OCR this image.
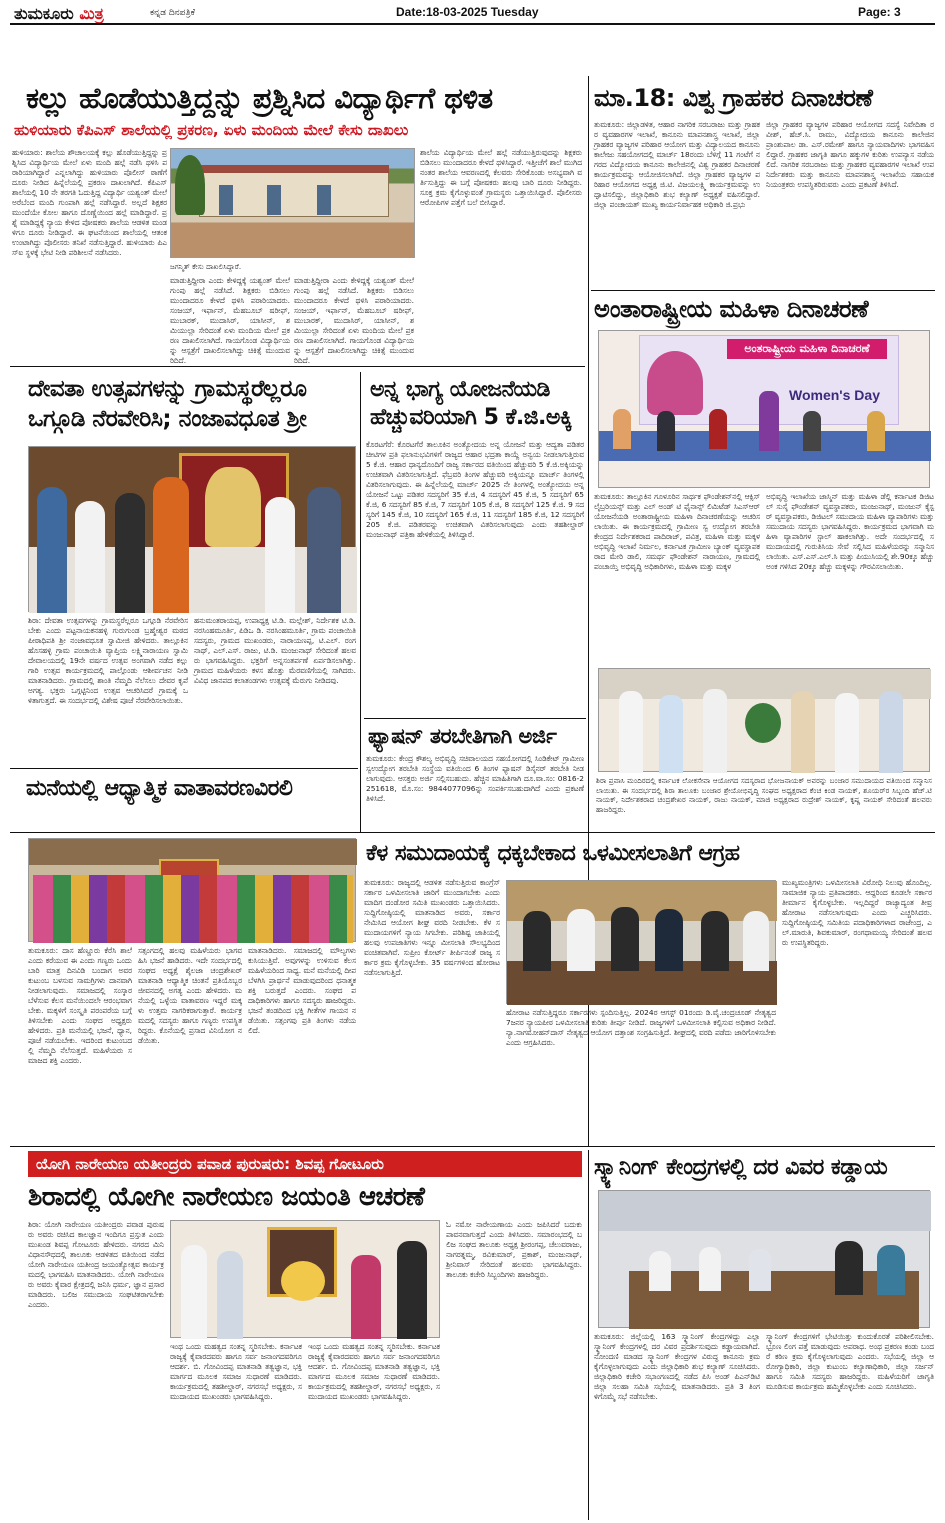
ತುಮಕೂರು ಮಿತ್ರ	ಕನ್ನಡ ದಿನಪತ್ರಿಕೆ	Date:18-03-2025 Tuesday	Page: 3
ಕಲ್ಲು ಹೊಡೆಯುತ್ತಿದ್ದನ್ನು ಪ್ರಶ್ನಿಸಿದ ವಿದ್ಯಾರ್ಥಿಗೆ ಥಳಿತ
ಹುಳಿಯಾರು ಕೆಪಿಎಸ್ ಶಾಲೆಯಲ್ಲಿ ಪ್ರಕರಣ, ಏಳು ಮಂದಿಯ ಮೇಲೆ ಕೇಸು ದಾಖಲು
ಹುಳಿಯಾರು: ಶಾಲೆಯ ಶೌಚಾಲಯಕ್ಕೆ ಕಲ್ಲು ಹೊಡೆಯುತ್ತಿದ್ದನ್ನು ಪ್ರಶ್ನಿಸಿದ ವಿದ್ಯಾರ್ಥಿಯ ಮೇಲೆ ಏಳು ಮಂದಿ ಹಲ್ಲೆ ನಡೆಸಿ ಥಳಿಸಿ ಪರಾರಿಯಾಗಿದ್ದಾರೆ ಎನ್ನಲಾಗಿದ್ದು ಹುಳಿಯಾರು ಪೊಲೀಸ್ ಠಾಣೆಗೆ ದೂರು ನೀಡಿದ ಹಿನ್ನೆಲೆಯಲ್ಲಿ ಪ್ರಕರಣ ದಾಖಲಾಗಿದೆ. ಕೆಪಿಎಸ್ ಶಾಲೆಯಲ್ಲಿ 10 ನೇ ತರಗತಿ ಓದುತ್ತಿದ್ದ ವಿದ್ಯಾರ್ಥಿ ಯಶ್ವಂತ್ ಮೇಲೆ ಅರೆಬೆಂದ ಮಂದಿ ಗುಂಪಾಗಿ ಹಲ್ಲೆ ನಡೆಸಿದ್ದಾರೆ. ಅಲ್ಲದೆ ಶಿಕ್ಷಕರ ಮುಂದೆಯೇ ಕೋಲ ಹಾಗೂ ದೊಣ್ಣೆಯಿಂದ ಹಲ್ಲೆ ಮಾಡಿದ್ದಾರೆ. ಪ್ರಶ್ನೆ ಮಾಡಿದ್ದಕ್ಕೆ ನ್ಯಾಯ ಕೇಳಿದ ಪೋಷಕರು ಶಾಲೆಯ ಆಡಳಿತ ಮಂಡಳಿಗೂ ದೂರು ನೀಡಿದ್ದಾರೆ. ಈ ಘಟನೆಯಿಂದ ಶಾಲೆಯಲ್ಲಿ ಆತಂಕ ಉಂಟಾಗಿದ್ದು ಪೊಲೀಸರು ತನಿಖೆ ನಡೆಸುತ್ತಿದ್ದಾರೆ. ಹುಳಿಯಾರು ಪಿಎಸ್ಐ ಸ್ಥಳಕ್ಕೆ ಭೇಟಿ ನೀಡಿ ಪರಿಶೀಲನೆ ನಡೆಸಿದರು.
ಜಗನ್ಮಿತ್ ಕೇಸು ದಾಖಲಿಸಿದ್ದಾರೆ.
ಮಾಡುತ್ತಿದ್ದೀರಾ ಎಂದು ಕೇಳಿದ್ದಕ್ಕೆ ಯಶ್ವಂತ್ ಮೇಲೆ ಗುಂಪು ಹಲ್ಲೆ ನಡೆಸಿದೆ. ಶಿಕ್ಷಕರು ಬಿಡಿಸಲು ಮುಂದಾದರೂ ಕೇಳದೆ ಥಳಿಸಿ ಪರಾರಿಯಾದರು. ಸಂಜಯ್, ಇರ್ಫಾನ್, ಮೆಹಬೂಬ್ ಷರೀಫ್, ಮುಬಾರಕ್, ಮುದಾಸಿರ್, ಯಾಸೀನ್, ಶಮಿಯುಲ್ಲಾ ಸೇರಿದಂತೆ ಏಳು ಮಂದಿಯ ಮೇಲೆ ಪ್ರಕರಣ ದಾಖಲಿಸಲಾಗಿದೆ. ಗಾಯಗೊಂಡ ವಿದ್ಯಾರ್ಥಿಯನ್ನು ಆಸ್ಪತ್ರೆಗೆ ದಾಖಲಿಸಲಾಗಿದ್ದು ಚಿಕಿತ್ಸೆ ಮುಂದುವರಿದಿದೆ.
ಮಾಡುತ್ತಿದ್ದೀರಾ ಎಂದು ಕೇಳಿದ್ದಕ್ಕೆ ಯಶ್ವಂತ್ ಮೇಲೆ ಗುಂಪು ಹಲ್ಲೆ ನಡೆಸಿದೆ. ಶಿಕ್ಷಕರು ಬಿಡಿಸಲು ಮುಂದಾದರೂ ಕೇಳದೆ ಥಳಿಸಿ ಪರಾರಿಯಾದರು. ಸಂಜಯ್, ಇರ್ಫಾನ್, ಮೆಹಬೂಬ್ ಷರೀಫ್, ಮುಬಾರಕ್, ಮುದಾಸಿರ್, ಯಾಸೀನ್, ಶಮಿಯುಲ್ಲಾ ಸೇರಿದಂತೆ ಏಳು ಮಂದಿಯ ಮೇಲೆ ಪ್ರಕರಣ ದಾಖಲಿಸಲಾಗಿದೆ. ಗಾಯಗೊಂಡ ವಿದ್ಯಾರ್ಥಿಯನ್ನು ಆಸ್ಪತ್ರೆಗೆ ದಾಖಲಿಸಲಾಗಿದ್ದು ಚಿಕಿತ್ಸೆ ಮುಂದುವರಿದಿದೆ.
ಶಾಲೆಯ ವಿದ್ಯಾರ್ಥಿಯ ಮೇಲೆ ಹಲ್ಲೆ ನಡೆಯುತ್ತಿರುವುದನ್ನು ಶಿಕ್ಷಕರು ಬಿಡಿಸಲು ಮುಂದಾದರೂ ಕೇಳದೆ ಥಳಿಸಿದ್ದಾರೆ. ಇತ್ತೀಚೆಗೆ ಶಾಲೆ ಮುಗಿದ ನಂತರ ಶಾಲೆಯ ಆವರಣದಲ್ಲಿ ಕೆಲವರು ಸೇರಿಕೊಂಡು ಅಸಭ್ಯವಾಗಿ ವರ್ತಿಸುತ್ತಿದ್ದು ಈ ಬಗ್ಗೆ ಪೋಷಕರು ಹಲವು ಬಾರಿ ದೂರು ನೀಡಿದ್ದರು. ಸೂಕ್ತ ಕ್ರಮ ಕೈಗೊಳ್ಳುವಂತೆ ಗ್ರಾಮಸ್ಥರು ಒತ್ತಾಯಿಸಿದ್ದಾರೆ. ಪೊಲೀಸರು ಆರೋಪಿಗಳ ಪತ್ತೆಗೆ ಬಲೆ ಬೀಸಿದ್ದಾರೆ.
ಮಾ.18: ವಿಶ್ವ ಗ್ರಾಹಕರ ದಿನಾಚರಣೆ
ತುಮಕೂರು: ಜಿಲ್ಲಾಡಳಿತ, ಆಹಾರ ನಾಗರಿಕ ಸರಬರಾಜು ಮತ್ತು ಗ್ರಾಹಕರ ವ್ಯವಹಾರಗಳ ಇಲಾಖೆ, ಕಾನೂನು ಮಾಪನಶಾಸ್ತ್ರ ಇಲಾಖೆ, ಜಿಲ್ಲಾ ಗ್ರಾಹಕರ ವ್ಯಾಜ್ಯಗಳ ಪರಿಹಾರ ಆಯೋಗ ಮತ್ತು ವಿದ್ಯಾಲಯದ ಕಾನೂನು ಕಾಲೇಜು ಸಹಯೋಗದಲ್ಲಿ ಮಾರ್ಚ್ 18ರಂದು ಬೆಳಿಗ್ಗೆ 11 ಗಂಟೆಗೆ ನಗರದ ವಿದ್ಯೋದಯ ಕಾನೂನು ಕಾಲೇಜಿನಲ್ಲಿ ವಿಶ್ವ ಗ್ರಾಹಕರ ದಿನಾಚರಣೆ ಕಾರ್ಯಕ್ರಮವನ್ನು ಆಯೋಜಿಸಲಾಗಿದೆ. ಜಿಲ್ಲಾ ಗ್ರಾಹಕರ ವ್ಯಾಜ್ಯಗಳ ಪರಿಹಾರ ಆಯೋಗದ ಅಧ್ಯಕ್ಷ ಜಿ.ಟಿ. ವಿಜಯಲಕ್ಷ್ಮಿ ಕಾರ್ಯಕ್ರಮವನ್ನು ಉದ್ಘಾಟಿಸಲಿದ್ದು, ಜಿಲ್ಲಾಧಿಕಾರಿ ಶುಭ ಕಲ್ಯಾಣ್ ಅಧ್ಯಕ್ಷತೆ ವಹಿಸಲಿದ್ದಾರೆ. ಜಿಲ್ಲಾ ಪಂಚಾಯತ್ ಮುಖ್ಯ ಕಾರ್ಯನಿರ್ವಾಹಕ ಅಧಿಕಾರಿ ಜಿ.ಪ್ರಭು
ಜಿಲ್ಲಾ ಗ್ರಾಹಕರ ವ್ಯಾಜ್ಯಗಳ ಪರಿಹಾರ ಆಯೋಗದ ಸದಸ್ಯೆ ನಿವೇದಿತಾ ರವೀಶ್, ಹೆಚ್.ಸಿ. ರಾಮು, ವಿದ್ಯೋದಯ ಕಾನೂನು ಕಾಲೇಜಿನ ಪ್ರಾಂಶುಪಾಲ ಡಾ. ಎಸ್.ರಮೇಶ್ ಹಾಗೂ ನ್ಯಾಯವಾದಿಗಳು ಭಾಗವಹಿಸಲಿದ್ದಾರೆ. ಗ್ರಾಹಕರ ಜಾಗೃತಿ ಹಾಗೂ ಹಕ್ಕುಗಳ ಕುರಿತು ಉಪನ್ಯಾಸ ನಡೆಯಲಿದೆ. ನಾಗರಿಕ ಸರಬರಾಜು ಮತ್ತು ಗ್ರಾಹಕರ ವ್ಯವಹಾರಗಳ ಇಲಾಖೆ ಉಪನಿರ್ದೇಶಕರು ಮತ್ತು ಕಾನೂನು ಮಾಪನಶಾಸ್ತ್ರ ಇಲಾಖೆಯ ಸಹಾಯಕ ನಿಯಂತ್ರಕರು ಉಪಸ್ಥಿತರಿರುವರು ಎಂದು ಪ್ರಕಟಣೆ ತಿಳಿಸಿದೆ.
ಅಂತಾರಾಷ್ಟ್ರೀಯ ಮಹಿಳಾ ದಿನಾಚರಣೆ
ಅಂತರಾಷ್ಟ್ರೀಯ ಮಹಿಳಾ ದಿನಾಚರಣೆ
Women's Day
ತುಮಕೂರು: ತಾಲ್ಲೂಕಿನ ಗೂಳೂರಿನ ಸಾರ್ಥಕ ಫೌಂಡೇಶನ್‌ನಲ್ಲಿ ಆಕ್ಸಿಸ್ ಲೈಬ್ರರಿಯನ್ಸ್ ಮತ್ತು ಎಲ್ ಅಂಡ್ ಟಿ ಫೈನಾನ್ಸ್ ಲಿಮಿಟೆಡ್ ಸಿಎಸ್‌ಆರ್ ಯೋಜನೆಯಡಿ ಅಂತಾರಾಷ್ಟ್ರೀಯ ಮಹಿಳಾ ದಿನಾಚರಣೆಯನ್ನು ಆಚರಿಸಲಾಯಿತು. ಈ ಕಾರ್ಯಕ್ರಮದಲ್ಲಿ ಗ್ರಾಮೀಣ ಸ್ವ ಉದ್ಯೋಗ ತರಬೇತಿ ಕೇಂದ್ರದ ನಿರ್ದೇಶಕರಾದ ಪಾದಿರಾಜ್, ಪವಿತ್ರ, ಮಹಿಳಾ ಮತ್ತು ಮಕ್ಕಳ ಅಭಿವೃದ್ಧಿ ಇಲಾಖೆ ನಿರ್ಮಲ, ಕರ್ನಾಟಕ ಗ್ರಾಮೀಣ ಬ್ಯಾಂಕ್ ವ್ಯವಸ್ಥಾಪಕರಾದ ಮೇರಿ ಡಾಲಿ, ಸಮರ್ಥ ಫೌಂಡೇಶನ್ ನಾರಾಯಣ, ಗ್ರಾಮದಲ್ಲಿ ಪಂಚಾಯ್ತಿ ಅಭಿವೃದ್ಧಿ ಅಧಿಕಾರಿಗಳು, ಮಹಿಳಾ ಮತ್ತು ಮಕ್ಕಳ
ಅಭಿವೃದ್ಧಿ ಇಲಾಖೆಯ ಜಾಸ್ಮಿನ್ ಮತ್ತು ಮಹಿಳಾ ಡೆಲ್ಲಿ ಕರ್ನಾಟಕ ಡಿಜಿಟಲ್ ಸುಸೈ ಫೌಂಡೇಶನ್ ವ್ಯವಸ್ಥಾಪಕರು, ಮಂಜುನಾಥ್, ಮಂಜುನ್ ಕೈಸ್ಟರ್ ವ್ಯವಸ್ಥಾಪಕರು, ಡಿಜಿಟಲ್ ಸಮುದಾಯ ಮಹಿಳಾ ವ್ಯಾಪಾರಿಗಳು ಮತ್ತು ಸಮುದಾಯ ಸದಸ್ಯರು ಭಾಗವಹಿಸಿದ್ದರು. ಕಾರ್ಯಕ್ರಮದ ಭಾಗವಾಗಿ ಮಹಿಳಾ ವ್ಯಾಪಾರಿಗಳ ಸ್ಟಾಲ್ ಹಾಕಲಾಗಿತ್ತು. ಅದೇ ಸಂದರ್ಭದಲ್ಲಿ ಸಮುದಾಯದಲ್ಲಿ ಗುರುತಿಸಿಯ ಸೇವೆ ಸಲ್ಲಿಸಿದ ಮಹಿಳೆಯರನ್ನು ಸನ್ಮಾನಿಸಲಾಯಿತು. ಎಸ್.ಎಸ್.ಎಲ್.ಸಿ ಮತ್ತು ಪಿಯುಸಿಯಲ್ಲಿ ಶೇ.90ಕ್ಕೂ ಹೆಚ್ಚು ಅಂಕ ಗಳಿಸಿದ 20ಕ್ಕೂ ಹೆಚ್ಚು ಮಕ್ಕಳನ್ನು ಗೌರವಿಸಲಾಯಿತು.
ಶಿರಾ ಪ್ರವಾಸಿ ಮಂದಿರದಲ್ಲಿ ಕರ್ನಾಟಕ ಲೋಕಸೇವಾ ಆಯೋಗದ ಸದಸ್ಯರಾದ ಭೋಜನಾಯಕ್ ಅವರನ್ನು ಬಂಜಾರ ಸಮುದಾಯದ ವತಿಯಿಂದ ಸನ್ಮಾನಿಸಲಾಯಿತು. ಈ ಸಂದರ್ಭದಲ್ಲಿ ಶಿರಾ ತಾಲೂಕು ಬಂಜಾರ ಶ್ರೇಯೋಭಿವೃದ್ಧಿ ಸಂಘದ ಅಧ್ಯಕ್ಷರಾದ ಕೆಂಚ ಕಿಂಡ ನಾಯಕ್, ಶೂಯರ್‌ರ ಸಿಬ್ಬಂದಿ ಹೆಚ್.ಟಿ ನಾಯಕ್, ನಿರ್ದೇಶಕರಾದ ಚಂದ್ರಶೇಖರ ನಾಯಕ್, ರಾಜು ನಾಯಕ್, ಮಾಜಿ ಅಧ್ಯಕ್ಷರಾದ ರುದ್ರೇಶ್ ನಾಯಕ್, ಕೃಷ್ಣ ನಾಯಕ್ ಸೇರಿದಂತೆ ಹಲವರು ಹಾಜರಿದ್ದರು.
ದೇವತಾ ಉತ್ಸವಗಳನ್ನು ಗ್ರಾಮಸ್ಥರೆಲ್ಲರೂ
ಒಗ್ಗೂಡಿ ನೆರವೇರಿಸಿ; ನಂಜಾವಧೂತ ಶ್ರೀ
ಶಿರಾ: ದೇವತಾ ಉತ್ಸವಗಳನ್ನು ಗ್ರಾಮಸ್ಥರೆಲ್ಲರೂ ಒಗ್ಗೂಡಿ ನೆರವೇರಿಸಬೇಕು ಎಂದು ಪಟ್ಟನಾಯಕನಹಳ್ಳಿ ಗುರುಗುಂಡ ಬ್ರಹ್ಮೇಶ್ವರ ಮಠದ ಪೀಠಾಧಿಪತಿ ಶ್ರೀ ನಂಜಾವಧೂತ ಸ್ವಾಮೀಜಿ ಹೇಳಿದರು. ತಾಲ್ಲೂಕಿನ ಹೊಸಹಳ್ಳಿ ಗ್ರಾಮ ಪಂಚಾಯಿತಿ ವ್ಯಾಪ್ತಿಯ ಲಕ್ಷ್ಮಿನಾರಾಯಣ ಸ್ವಾಮಿ ದೇವಾಲಯದಲ್ಲಿ 19ನೇ ವರ್ಷದ ಉತ್ಸವ ಅಂಗವಾಗಿ ನಡೆದ ಕಲ್ಲು ಗಾರಿ ಉತ್ಸವ ಕಾರ್ಯಕ್ರಮದಲ್ಲಿ ಪಾಲ್ಗೊಂಡು ಆಶೀರ್ವಚನ ನೀಡಿ ಮಾತನಾಡಿದರು. ಗ್ರಾಮದಲ್ಲಿ ಶಾಂತಿ ನೆಮ್ಮದಿ ನೆಲೆಸಲು ದೇವರ ಕೃಪೆ ಅಗತ್ಯ. ಭಕ್ತರು ಒಗ್ಗಟ್ಟಿನಿಂದ ಉತ್ಸವ ಆಚರಿಸಿದರೆ ಗ್ರಾಮಕ್ಕೆ ಒಳಿತಾಗುತ್ತದೆ. ಈ ಸಂದರ್ಭದಲ್ಲಿ ವಿಶೇಷ ಪೂಜೆ ನೆರವೇರಿಸಲಾಯಿತು.
ಹನುಮಂತರಾಯಪ್ಪ, ಉಪಾಧ್ಯಕ್ಷ ಟಿ.ಡಿ. ಮಲ್ಲೇಶ್, ನಿರ್ದೇಶಕ ಟಿ.ಡಿ. ನರಸಿಂಹಮೂರ್ತಿ, ಪಿಡಿಒ ಡಿ. ನರಸಿಂಹಮೂರ್ತಿ, ಗ್ರಾಮ ಪಂಚಾಯಿತಿ ಸದಸ್ಯರು, ಗ್ರಾಮದ ಮುಖಂಡರು, ನಾರಾಯಣಪ್ಪ, ಟಿ.ಎಲ್. ರಂಗನಾಥ್, ಎಲ್.ಎಸ್. ರಾಜು, ಟಿ.ಡಿ. ಮಂಜುನಾಥ್ ಸೇರಿದಂತೆ ಹಲವರು ಭಾಗವಹಿಸಿದ್ದರು. ಭಕ್ತರಿಗೆ ಅನ್ನಸಂತರ್ಪಣೆ ಏರ್ಪಡಿಸಲಾಗಿತ್ತು. ಗ್ರಾಮದ ಮಹಿಳೆಯರು ಕಳಸ ಹೊತ್ತು ಮೆರವಣಿಗೆಯಲ್ಲಿ ಸಾಗಿದರು. ವಿವಿಧ ಜಾನಪದ ಕಲಾತಂಡಗಳು ಉತ್ಸವಕ್ಕೆ ಮೆರುಗು ನೀಡಿದವು.
ಅನ್ನ ಭಾಗ್ಯ ಯೋಜನೆಯಡಿ
ಹೆಚ್ಚುವರಿಯಾಗಿ 5 ಕೆ.ಜಿ.ಅಕ್ಕಿ
ಕೊರಟಗೆರೆ: ಕೊರಟಗೆರೆ ತಾಲೂಕಿನ ಅಂತ್ಯೋದಯ ಅನ್ನ ಯೋಜನೆ ಮತ್ತು ಆದ್ಯತಾ ಪಡಿತರ ಚೀಟಿಗಳ ಪ್ರತಿ ಫಲಾನುಭವಿಗಳಿಗೆ ರಾಜ್ಯದ ಆಹಾರ ಭದ್ರತಾ ಕಾಯ್ದೆ ಅನ್ವಯ ನೀಡಲಾಗುತ್ತಿರುವ 5 ಕೆ.ಜಿ. ಆಹಾರ ಧಾನ್ಯದೊಂದಿಗೆ ರಾಜ್ಯ ಸರ್ಕಾರದ ವತಿಯಿಂದ ಹೆಚ್ಚುವರಿ 5 ಕೆ.ಜಿ.ಅಕ್ಕಿಯನ್ನು ಉಚಿತವಾಗಿ ವಿತರಿಸಲಾಗುತ್ತಿದೆ. ಫೆಬ್ರವರಿ ತಿಂಗಳ ಹೆಚ್ಚುವರಿ ಅಕ್ಕಿಯನ್ನೂ ಮಾರ್ಚ್ ತಿಂಗಳಲ್ಲಿ ವಿತರಿಸಲಾಗುವುದು. ಈ ಹಿನ್ನೆಲೆಯಲ್ಲಿ ಮಾರ್ಚ್ 2025 ನೇ ತಿಂಗಳಲ್ಲಿ ಅಂತ್ಯೋದಯ ಅನ್ನ ಯೋಜನೆ ಒಟ್ಟು ಪಡಿತರ ಸದಸ್ಯರಿಗೆ 35 ಕೆ.ಜಿ, 4 ಸದಸ್ಯರಿಗೆ 45 ಕೆ.ಜಿ, 5 ಸದಸ್ಯರಿಗೆ 65 ಕೆ.ಜಿ, 6 ಸದಸ್ಯರಿಗೆ 85 ಕೆ.ಜಿ, 7 ಸದಸ್ಯರಿಗೆ 105 ಕೆ.ಜಿ, 8 ಸದಸ್ಯರಿಗೆ 125 ಕೆ.ಜಿ. 9 ಸದಸ್ಯರಿಗೆ 145 ಕೆ.ಜಿ, 10 ಸದಸ್ಯರಿಗೆ 165 ಕೆ.ಜಿ, 11 ಸದಸ್ಯರಿಗೆ 185 ಕೆ.ಜಿ, 12 ಸದಸ್ಯರಿಗೆ 205 ಕೆ.ಜಿ. ಪಡಿತರವನ್ನು ಉಚಿತವಾಗಿ ವಿತರಿಸಲಾಗುವುದು ಎಂದು ತಹಶೀಲ್ದಾರ್ ಮಂಜುನಾಥ್ ಪತ್ರಿಕಾ ಹೇಳಿಕೆಯಲ್ಲಿ ತಿಳಿಸಿದ್ದಾರೆ.
ಫ್ಯಾಷನ್ ತರಬೇತಿಗಾಗಿ ಅರ್ಜಿ
ತುಮಕೂರು: ಕೇಂದ್ರ ಕೌಶಲ್ಯ ಅಭಿವೃದ್ಧಿ ಸಚಿವಾಲಯದ ಸಹಯೋಗದಲ್ಲಿ ಸಿಂಡಿಕೇಟ್ ಗ್ರಾಮೀಣ ಸ್ವಉದ್ಯೋಗ ತರಬೇತಿ ಸಂಸ್ಥೆಯ ವತಿಯಿಂದ 6 ತಿಂಗಳ ಫ್ಯಾಷನ್ ಡಿಸೈನರ್ ತರಬೇತಿ ನೀಡಲಾಗುವುದು. ಆಸಕ್ತರು ಅರ್ಜಿ ಸಲ್ಲಿಸಬಹುದು. ಹೆಚ್ಚಿನ ಮಾಹಿತಿಗಾಗಿ ದೂ.ವಾ.ಸಂ: 0816-2251618, ಮೊ.ಸಂ: 9844077096ನ್ನು ಸಂಪರ್ಕಿಸಬಹುದಾಗಿದೆ ಎಂದು ಪ್ರಕಟಣೆ ತಿಳಿಸಿದೆ.
ಮನೆಯಲ್ಲಿ ಆಧ್ಯಾತ್ಮಿಕ ವಾತಾವರಣವಿರಲಿ
ತುಮಕೂರು: ದಾಸ ಹೆಣ್ಣೂರು ಕೆರೆಸಿ ಶಾಲೆ ಎಂದು ಕರೆಯುವ ಈ ಎಂದು ಗಣ್ಯರು ಒಂದು ಬಾರಿ ಮಾತ್ರ ದಿನವಿಡಿ ಬಂದಾಗ ಅವರ ಕುಟುಂಬ ಬಳಸುವ ಸಾಮಗ್ರಿಗಳು ದಾನವಾಗಿ ನೀಡಲಾಗುವುದು. ಸಮಾಜದಲ್ಲಿ ಸಂಸ್ಕಾರ ಬೆಳೆಸುವ ಕೆಲಸ ಮನೆಯಿಂದಲೇ ಆರಂಭವಾಗಬೇಕು. ಮಕ್ಕಳಿಗೆ ಸಂಸ್ಕೃತಿ ಪರಂಪರೆಯ ಬಗ್ಗೆ ತಿಳಿಸಬೇಕು ಎಂದು ಸಂಘದ ಅಧ್ಯಕ್ಷರು ಹೇಳಿದರು. ಪ್ರತಿ ಮನೆಯಲ್ಲಿ ಭಜನೆ, ಧ್ಯಾನ, ಪೂಜೆ ನಡೆಯಬೇಕು. ಇದರಿಂದ ಕುಟುಂಬದಲ್ಲಿ ನೆಮ್ಮದಿ ನೆಲೆಸುತ್ತದೆ. ಮಹಿಳೆಯರು ಸಮಾಜದ ಶಕ್ತಿ ಎಂದರು.
ಸತ್ಸಂಗದಲ್ಲಿ ಹಲವು ಮಹಿಳೆಯರು ಭಾಗವಹಿಸಿ ಭಜನೆ ಹಾಡಿದರು. ಇದೇ ಸಂದರ್ಭದಲ್ಲಿ ಸಂಘದ ಅಧ್ಯಕ್ಷೆ ಶೈಲಜಾ ಚಂದ್ರಶೇಖರ್ ಮಾತನಾಡಿ ಆಧ್ಯಾತ್ಮಿಕ ಚಿಂತನೆ ಪ್ರತಿಯೊಬ್ಬರ ಜೀವನದಲ್ಲಿ ಅಗತ್ಯ ಎಂದು ಹೇಳಿದರು. ಮನೆಯಲ್ಲಿ ಒಳ್ಳೆಯ ವಾತಾವರಣ ಇದ್ದರೆ ಮಕ್ಕಳು ಉತ್ತಮ ನಾಗರಿಕರಾಗುತ್ತಾರೆ. ಕಾರ್ಯಕ್ರಮದಲ್ಲಿ ಸದಸ್ಯರು ಹಾಗೂ ಗಣ್ಯರು ಉಪಸ್ಥಿತರಿದ್ದರು. ಕೊನೆಯಲ್ಲಿ ಪ್ರಸಾದ ವಿನಿಯೋಗ ನಡೆಯಿತು.
ಮಾತನಾಡಿದರು. ಸಮಾಜದಲ್ಲಿ ಮೌಲ್ಯಗಳು ಕುಸಿಯುತ್ತಿವೆ. ಅವುಗಳನ್ನು ಉಳಿಸುವ ಕೆಲಸ ಮಹಿಳೆಯರಿಂದ ಸಾಧ್ಯ. ಮನೆ ಮನೆಯಲ್ಲಿ ದೀಪ ಬೆಳಗಿಸಿ ಪ್ರಾರ್ಥನೆ ಮಾಡುವುದರಿಂದ ಧನಾತ್ಮಕ ಶಕ್ತಿ ಬರುತ್ತದೆ ಎಂದರು. ಸಂಘದ ಪದಾಧಿಕಾರಿಗಳು ಹಾಗೂ ಸದಸ್ಯರು ಹಾಜರಿದ್ದರು. ಭಜನೆ ತಂಡದಿಂದ ಭಕ್ತಿ ಗೀತೆಗಳ ಗಾಯನ ನಡೆಯಿತು. ಸತ್ಸಂಗವು ಪ್ರತಿ ತಿಂಗಳು ನಡೆಯಲಿದೆ.
ಕೆಳ ಸಮುದಾಯಕ್ಕೆ ಧಕ್ಕಬೇಕಾದ ಒಳಮೀಸಲಾತಿಗೆ ಆಗ್ರಹ
ತುಮಕೂರು: ರಾಜ್ಯದಲ್ಲಿ ಆಡಳಿತ ನಡೆಸುತ್ತಿರುವ ಕಾಂಗ್ರೆಸ್ ಸರ್ಕಾರ ಒಳಮೀಸಲಾತಿ ಜಾರಿಗೆ ಮುಂದಾಗಬೇಕು ಎಂದು ಮಾದಿಗ ದಂಡೋರ ಸಮಿತಿ ಮುಖಂಡರು ಒತ್ತಾಯಿಸಿದರು. ಸುದ್ದಿಗೋಷ್ಠಿಯಲ್ಲಿ ಮಾತನಾಡಿದ ಅವರು, ಸರ್ಕಾರ ನೇಮಿಸಿದ ಆಯೋಗ ಶೀಘ್ರ ವರದಿ ನೀಡಬೇಕು. ಕೆಳ ಸಮುದಾಯಗಳಿಗೆ ನ್ಯಾಯ ಸಿಗಬೇಕು. ಪರಿಶಿಷ್ಟ ಜಾತಿಯಲ್ಲಿ ಹಲವು ಉಪಜಾತಿಗಳು ಇನ್ನೂ ಮೀಸಲಾತಿ ಸೌಲಭ್ಯದಿಂದ ವಂಚಿತವಾಗಿವೆ. ಸುಪ್ರೀಂ ಕೋರ್ಟ್ ತೀರ್ಪಿನಂತೆ ರಾಜ್ಯ ಸರ್ಕಾರ ಕ್ರಮ ಕೈಗೊಳ್ಳಬೇಕು. 35 ವರ್ಷಗಳಿಂದ ಹೋರಾಟ ನಡೆಸಲಾಗುತ್ತಿದೆ.
ಹೋರಾಟ ನಡೆಸುತ್ತಿದ್ದರೂ ಸರ್ಕಾರಗಳು ಸ್ಪಂದಿಸುತ್ತಿಲ್ಲ. 2024ರ ಆಗಸ್ಟ್ 01ರಂದು ಡಿ.ವೈ.ಚಂದ್ರಚೂಡ್ ನೇತೃತ್ವದ 7ಜನರ ನ್ಯಾಯಪೀಠ ಒಳಮೀಸಲಾತಿ ಕುರಿತು ತೀರ್ಪು ನೀಡಿದೆ. ರಾಜ್ಯಗಳಿಗೆ ಒಳಮೀಸಲಾತಿ ಕಲ್ಪಿಸುವ ಅಧಿಕಾರ ನೀಡಿದೆ. ನ್ಯಾ.ನಾಗಮೋಹನ್‌ದಾಸ್ ನೇತೃತ್ವದ ಆಯೋಗ ದತ್ತಾಂಶ ಸಂಗ್ರಹಿಸುತ್ತಿದೆ. ಶೀಘ್ರದಲ್ಲಿ ವರದಿ ಪಡೆದು ಜಾರಿಗೊಳಿಸಬೇಕು ಎಂದು ಆಗ್ರಹಿಸಿದರು.
ಮುಖ್ಯಮಂತ್ರಿಗಳು ಒಳಮೀಸಲಾತಿ ವಿರೋಧಿ ನಿಲುವು ಹೊಂದಿಲ್ಲ. ಸಾಮಾಜಿಕ ನ್ಯಾಯ ಪ್ರತಿಪಾದಕರು. ಆದ್ದರಿಂದ ಕೂಡಲೇ ಸರ್ಕಾರ ತೀರ್ಮಾನ ಕೈಗೊಳ್ಳಬೇಕು. ಇಲ್ಲದಿದ್ದರೆ ರಾಜ್ಯಾದ್ಯಂತ ತೀವ್ರ ಹೋರಾಟ ನಡೆಸಲಾಗುವುದು ಎಂದು ಎಚ್ಚರಿಸಿದರು. ಸುದ್ದಿಗೋಷ್ಠಿಯಲ್ಲಿ ಸಮಿತಿಯ ಪದಾಧಿಕಾರಿಗಳಾದ ರಾಜೇಂದ್ರ, ಎಲ್.ಮಾರುತಿ, ಶಿವಕುಮಾರ್, ರಂಗಧಾಮಯ್ಯ ಸೇರಿದಂತೆ ಹಲವರು ಉಪಸ್ಥಿತರಿದ್ದರು.
ಯೋಗಿ ನಾರೇಯಣ ಯತೀಂದ್ರರು ಪವಾಡ ಪುರುಷರು: ಶಿವಪ್ಪ ಗೋಟೂರು
ಶಿರಾದಲ್ಲಿ ಯೋಗೀ ನಾರೇಯಣ ಜಯಂತಿ ಆಚರಣೆ
ಶಿರಾ: ಯೋಗಿ ನಾರೇಯಣ ಯತೀಂದ್ರರು ಪವಾಡ ಪುರುಷರು ಅವರು ರಚಿಸಿದ ಕಾಲಜ್ಞಾನ ಇಂದಿಗೂ ಪ್ರಸ್ತುತ ಎಂದು ಮುಖಂಡ ಶಿವಪ್ಪ ಗೋಟೂರು ಹೇಳಿದರು. ನಗರದ ಮಿನಿ ವಿಧಾನಸೌಧದಲ್ಲಿ ತಾಲೂಕು ಆಡಳಿತದ ವತಿಯಿಂದ ನಡೆದ ಯೋಗಿ ನಾರೇಯಣ ಯತೀಂದ್ರ ಜಯಂತ್ಯೋತ್ಸವ ಕಾರ್ಯಕ್ರಮದಲ್ಲಿ ಭಾಗವಹಿಸಿ ಮಾತನಾಡಿದರು. ಯೋಗಿ ನಾರೇಯಣರು ಅವರು ಕೈವಾರ ಕ್ಷೇತ್ರದಲ್ಲಿ ಜನಿಸಿ ಧರ್ಮ, ಜ್ಞಾನ ಪ್ರಸಾರ ಮಾಡಿದರು. ಬಲಿಜ ಸಮುದಾಯ ಸಂಘಟಿತರಾಗಬೇಕು ಎಂದರು.
ಇಂಥ ಒಂದು ಮಹತ್ವದ ಸಂತನ್ನ ಸ್ಮರಿಸಬೇಕು. ಕರ್ನಾಟಕ ರಾಜ್ಯಕ್ಕೆ ಕೈವಾರದವರು ಹಾಗೂ ಸರ್ವ ಜನಾಂಗದವರಿಗೂ ಆದರ್ಶ. ಬಿ. ಗೋವಿಂದಪ್ಪ ಮಾತನಾಡಿ ತತ್ವಜ್ಞಾನ, ಭಕ್ತಿ ಮಾರ್ಗದ ಮೂಲಕ ಸಮಾಜ ಸುಧಾರಣೆ ಮಾಡಿದರು. ಕಾರ್ಯಕ್ರಮದಲ್ಲಿ ತಹಶೀಲ್ದಾರ್, ನಗರಸಭೆ ಅಧ್ಯಕ್ಷರು, ಸಮುದಾಯದ ಮುಖಂಡರು ಭಾಗವಹಿಸಿದ್ದರು.
ಇಂಥ ಒಂದು ಮಹತ್ವದ ಸಂತನ್ನ ಸ್ಮರಿಸಬೇಕು. ಕರ್ನಾಟಕ ರಾಜ್ಯಕ್ಕೆ ಕೈವಾರದವರು ಹಾಗೂ ಸರ್ವ ಜನಾಂಗದವರಿಗೂ ಆದರ್ಶ. ಬಿ. ಗೋವಿಂದಪ್ಪ ಮಾತನಾಡಿ ತತ್ವಜ್ಞಾನ, ಭಕ್ತಿ ಮಾರ್ಗದ ಮೂಲಕ ಸಮಾಜ ಸುಧಾರಣೆ ಮಾಡಿದರು. ಕಾರ್ಯಕ್ರಮದಲ್ಲಿ ತಹಶೀಲ್ದಾರ್, ನಗರಸಭೆ ಅಧ್ಯಕ್ಷರು, ಸಮುದಾಯದ ಮುಖಂಡರು ಭಾಗವಹಿಸಿದ್ದರು.
ಓ ನಮೋ ನಾರೇಯಣಾಯ ಎಂದು ಜಪಿಸಿದರೆ ಬದುಕು ಪಾವನವಾಗುತ್ತದೆ ಎಂದು ತಿಳಿಸಿದರು. ಸಮಾರಂಭದಲ್ಲಿ ಬಲಿಜ ಸಂಘದ ತಾಲೂಕು ಅಧ್ಯಕ್ಷ ಶ್ರೀರಂಗಪ್ಪ, ಚೆಲುವರಾಜು, ನಾಗರತ್ನಮ್ಮ, ರವಿಕುಮಾರ್, ಪ್ರಕಾಶ್, ಮಂಜುನಾಥ್, ಶ್ರೀನಿವಾಸ್ ಸೇರಿದಂತೆ ಹಲವರು ಭಾಗವಹಿಸಿದ್ದರು. ತಾಲೂಕು ಕಚೇರಿ ಸಿಬ್ಬಂದಿಗಳು ಹಾಜರಿದ್ದರು.
ಸ್ಕ್ಯಾನಿಂಗ್ ಕೇಂದ್ರಗಳಲ್ಲಿ ದರ ವಿವರ ಕಡ್ಡಾಯ
ತುಮಕೂರು: ಜಿಲ್ಲೆಯಲ್ಲಿ 163 ಸ್ಕ್ಯಾನಿಂಗ್ ಕೇಂದ್ರಗಳಿದ್ದು ಎಲ್ಲಾ ಸ್ಕ್ಯಾನಿಂಗ್ ಕೇಂದ್ರಗಳಲ್ಲಿ ದರ ವಿವರ ಪ್ರದರ್ಶಿಸುವುದು ಕಡ್ಡಾಯವಾಗಿದೆ. ನೋಂದಣಿ ಮಾಡದ ಸ್ಕ್ಯಾನಿಂಗ್ ಕೇಂದ್ರಗಳ ವಿರುದ್ಧ ಕಾನೂನು ಕ್ರಮ ಕೈಗೊಳ್ಳಲಾಗುವುದು ಎಂದು ಜಿಲ್ಲಾಧಿಕಾರಿ ಶುಭ ಕಲ್ಯಾಣ್ ಸೂಚಿಸಿದರು. ಜಿಲ್ಲಾಧಿಕಾರಿ ಕಚೇರಿ ಸಭಾಂಗಣದಲ್ಲಿ ನಡೆದ ಪಿಸಿ ಅಂಡ್ ಪಿಎನ್‌ಡಿಟಿ ಜಿಲ್ಲಾ ಸಲಹಾ ಸಮಿತಿ ಸಭೆಯಲ್ಲಿ ಮಾತನಾಡಿದರು. ಪ್ರತಿ 3 ತಿಂಗಳಿಗೊಮ್ಮೆ ಸಭೆ ನಡೆಸಬೇಕು.
ಸ್ಕ್ಯಾನಿಂಗ್ ಕೇಂದ್ರಗಳಿಗೆ ಭೇಟಿಯಿತ್ತು ಕುಂದುಕೊರತೆ ಪರಿಶೀಲಿಸಬೇಕು. ಭ್ರೂಣ ಲಿಂಗ ಪತ್ತೆ ಮಾಡುವುದು ಅಪರಾಧ. ಅಂಥ ಪ್ರಕರಣ ಕಂಡು ಬಂದರೆ ಕಠಿಣ ಕ್ರಮ ಕೈಗೊಳ್ಳಲಾಗುವುದು ಎಂದರು. ಸಭೆಯಲ್ಲಿ ಜಿಲ್ಲಾ ಆರೋಗ್ಯಾಧಿಕಾರಿ, ಜಿಲ್ಲಾ ಕುಟುಂಬ ಕಲ್ಯಾಣಾಧಿಕಾರಿ, ಜಿಲ್ಲಾ ಸರ್ಜನ್ ಹಾಗೂ ಸಮಿತಿ ಸದಸ್ಯರು ಹಾಜರಿದ್ದರು. ಮಹಿಳೆಯರಿಗೆ ಜಾಗೃತಿ ಮೂಡಿಸುವ ಕಾರ್ಯಕ್ರಮ ಹಮ್ಮಿಕೊಳ್ಳಬೇಕು ಎಂದು ಸೂಚಿಸಿದರು.
